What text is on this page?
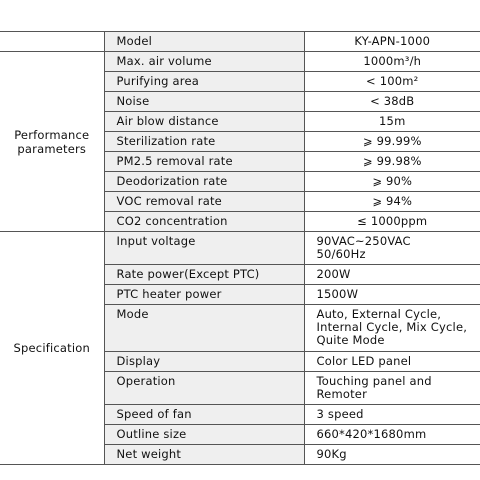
	Model	KY-APN-1000
Performance parameters	Max. air volume	1000m³/h
	Purifying area	< 100m²
	Noise	< 38dB
	Air blow distance	15m
	Sterilization rate	⩾ 99.99%
	PM2.5 removal rate	⩾ 99.98%
	Deodorization rate	⩾ 90%
	VOC removal rate	⩾ 94%
	CO2 concentration	≤ 1000ppm
Specification	Input voltage	90VAC~250VAC
50/60Hz

	Rate power(Except PTC)	200W

	PTC heater power	1500W

	Mode	Auto, External Cycle,
Internal Cycle, Mix Cycle,
Quite Mode

	Display	Color LED panel

	Operation	Touching panel and
Remoter

	Speed of fan	3 speed

	Outline size	660*420*1680mm

	Net weight	90Kg
